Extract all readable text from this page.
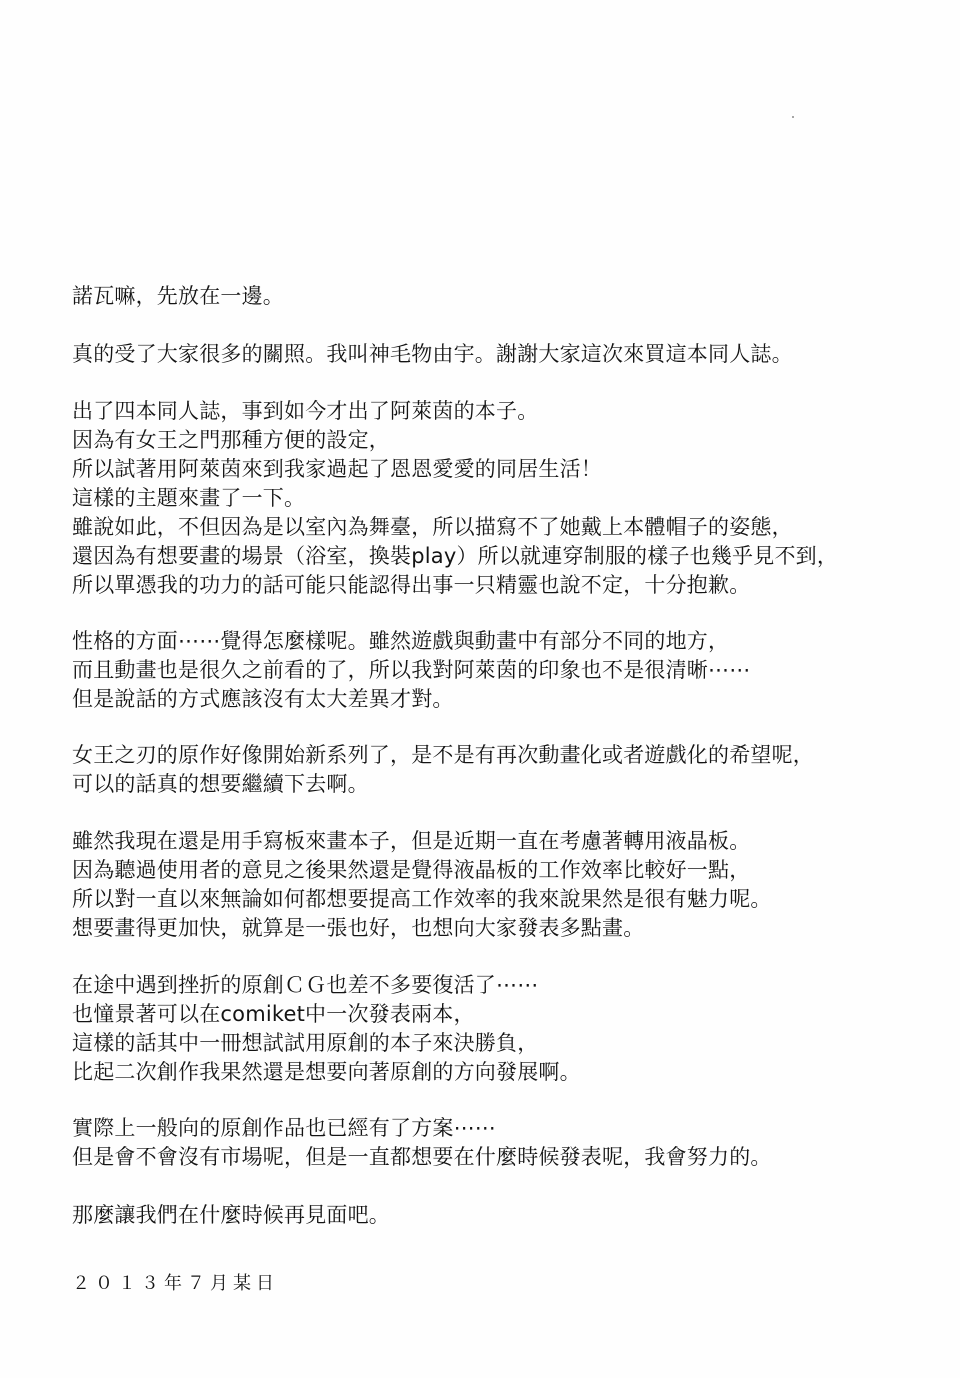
諾瓦嘛，先放在一邊。

真的受了大家很多的關照。我叫神毛物由宇。謝謝大家這次來買這本同人誌。

出了四本同人誌，事到如今才出了阿萊茵的本子。

因為有女王之門那種方便的設定，

所以試著用阿萊茵來到我家過起了恩恩愛愛的同居生活！

這樣的主題來畫了一下。

雖說如此，不但因為是以室內為舞臺，所以描寫不了她戴上本體帽子的姿態，

還因為有想要畫的場景（浴室，換裝play）所以就連穿制服的樣子也幾乎見不到，

所以單憑我的功力的話可能只能認得出事一只精靈也說不定，十分抱歉。

性格的方面⋯⋯覺得怎麼樣呢。雖然遊戲與動畫中有部分不同的地方，

而且動畫也是很久之前看的了，所以我對阿萊茵的印象也不是很清晰⋯⋯

但是說話的方式應該沒有太大差異才對。

女王之刃的原作好像開始新系列了，是不是有再次動畫化或者遊戲化的希望呢，

可以的話真的想要繼續下去啊。

雖然我現在還是用手寫板來畫本子，但是近期一直在考慮著轉用液晶板。

因為聽過使用者的意見之後果然還是覺得液晶板的工作效率比較好一點，

所以對一直以來無論如何都想要提高工作效率的我來說果然是很有魅力呢。

想要畫得更加快，就算是一張也好，也想向大家發表多點畫。

在途中遇到挫折的原創ＣＧ也差不多要復活了⋯⋯

也憧景著可以在comiket中一次發表兩本，

這樣的話其中一冊想試試用原創的本子來決勝負，

比起二次創作我果然還是想要向著原創的方向發展啊。

實際上一般向的原創作品也已經有了方案⋯⋯

但是會不會沒有市場呢，但是一直都想要在什麼時候發表呢，我會努力的。

那麼讓我們在什麼時候再見面吧。

２０１３年７月某日
